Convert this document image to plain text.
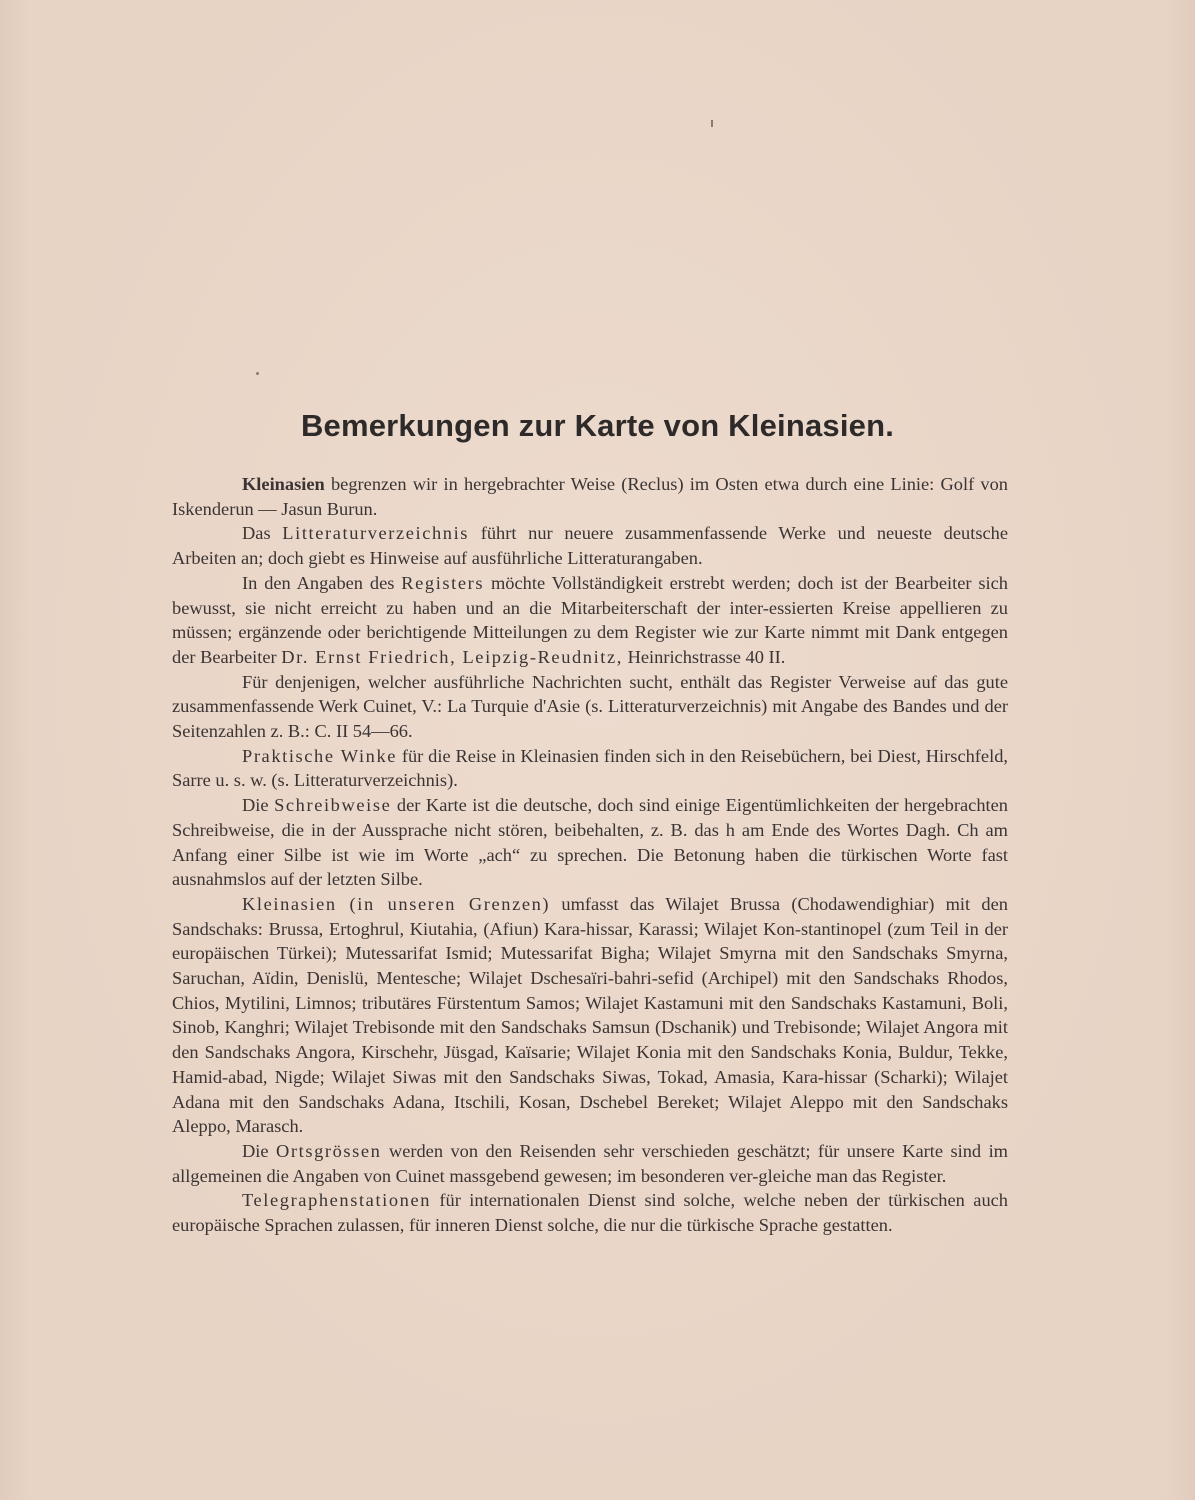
Bemerkungen zur Karte von Kleinasien.

Kleinasien begrenzen wir in hergebrachter Weise (Reclus) im Osten etwa durch eine Linie: Golf von Iskenderun — Jasun Burun.

Das Litteraturverzeichnis führt nur neuere zusammenfassende Werke und neueste deutsche Arbeiten an; doch giebt es Hinweise auf ausführliche Litteraturangaben.

In den Angaben des Registers möchte Vollständigkeit erstrebt werden; doch ist der Bearbeiter sich bewusst, sie nicht erreicht zu haben und an die Mitarbeiterschaft der inter-essierten Kreise appellieren zu müssen; ergänzende oder berichtigende Mitteilungen zu dem Register wie zur Karte nimmt mit Dank entgegen der Bearbeiter Dr. Ernst Friedrich, Leipzig-Reudnitz, Heinrichstrasse 40 II.

Für denjenigen, welcher ausführliche Nachrichten sucht, enthält das Register Verweise auf das gute zusammenfassende Werk Cuinet, V.: La Turquie d'Asie (s. Litteraturverzeichnis) mit Angabe des Bandes und der Seitenzahlen z. B.: C. II 54—66.

Praktische Winke für die Reise in Kleinasien finden sich in den Reisebüchern, bei Diest, Hirschfeld, Sarre u. s. w. (s. Litteraturverzeichnis).

Die Schreibweise der Karte ist die deutsche, doch sind einige Eigentümlichkeiten der hergebrachten Schreibweise, die in der Aussprache nicht stören, beibehalten, z. B. das h am Ende des Wortes Dagh. Ch am Anfang einer Silbe ist wie im Worte „ach“ zu sprechen. Die Betonung haben die türkischen Worte fast ausnahmslos auf der letzten Silbe.

Kleinasien (in unseren Grenzen) umfasst das Wilajet Brussa (Chodawendighiar) mit den Sandschaks: Brussa, Ertoghrul, Kiutahia, (Afiun) Kara-hissar, Karassi; Wilajet Kon-stantinopel (zum Teil in der europäischen Türkei); Mutessarifat Ismid; Mutessarifat Bigha; Wilajet Smyrna mit den Sandschaks Smyrna, Saruchan, Aïdin, Denislü, Mentesche; Wilajet Dschesaïri-bahri-sefid (Archipel) mit den Sandschaks Rhodos, Chios, Mytilini, Limnos; tributäres Fürstentum Samos; Wilajet Kastamuni mit den Sandschaks Kastamuni, Boli, Sinob, Kanghri; Wilajet Trebisonde mit den Sandschaks Samsun (Dschanik) und Trebisonde; Wilajet Angora mit den Sandschaks Angora, Kirschehr, Jüsgad, Kaïsarie; Wilajet Konia mit den Sandschaks Konia, Buldur, Tekke, Hamid-abad, Nigde; Wilajet Siwas mit den Sandschaks Siwas, Tokad, Amasia, Kara-hissar (Scharki); Wilajet Adana mit den Sandschaks Adana, Itschili, Kosan, Dschebel Bereket; Wilajet Aleppo mit den Sandschaks Aleppo, Marasch.

Die Ortsgrössen werden von den Reisenden sehr verschieden geschätzt; für unsere Karte sind im allgemeinen die Angaben von Cuinet massgebend gewesen; im besonderen ver-gleiche man das Register.

Telegraphenstationen für internationalen Dienst sind solche, welche neben der türkischen auch europäische Sprachen zulassen, für inneren Dienst solche, die nur die türkische Sprache gestatten.
